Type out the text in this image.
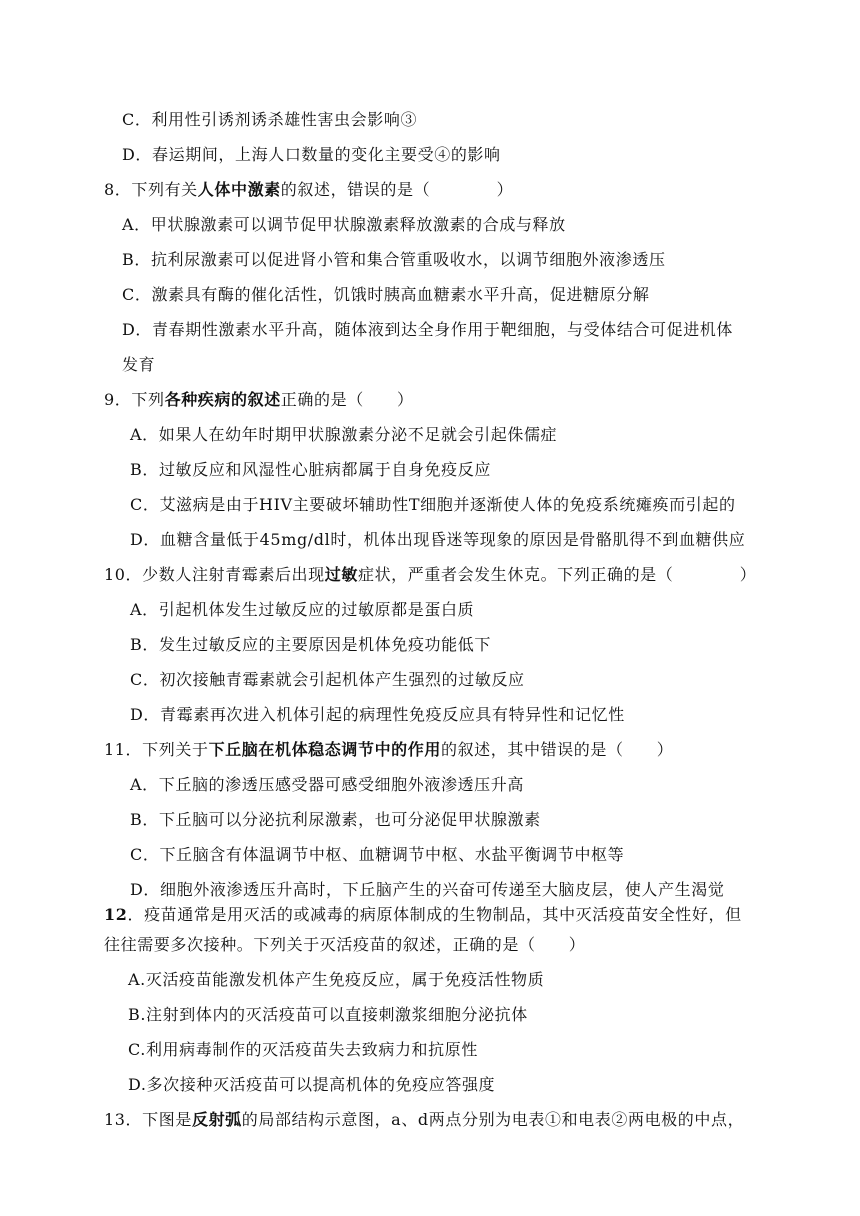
C．利用性引诱剂诱杀雄性害虫会影响③
D．春运期间，上海人口数量的变化主要受④的影响
8．下列有关人体中激素的叙述，错误的是（　　　　）
A．甲状腺激素可以调节促甲状腺激素释放激素的合成与释放
B．抗利尿激素可以促进肾小管和集合管重吸收水，以调节细胞外液渗透压
C．激素具有酶的催化活性，饥饿时胰高血糖素水平升高，促进糖原分解
D．青春期性激素水平升高，随体液到达全身作用于靶细胞，与受体结合可促进机体
发育
9．下列各种疾病的叙述正确的是（　　）
A．如果人在幼年时期甲状腺激素分泌不足就会引起侏儒症
B．过敏反应和风湿性心脏病都属于自身免疫反应
C．艾滋病是由于HIV主要破坏辅助性T细胞并逐渐使人体的免疫系统瘫痪而引起的
D．血糖含量低于45mg/dl时，机体出现昏迷等现象的原因是骨骼肌得不到血糖供应
10．少数人注射青霉素后出现过敏症状，严重者会发生休克。下列正确的是（　　　　）
A．引起机体发生过敏反应的过敏原都是蛋白质
B．发生过敏反应的主要原因是机体免疫功能低下
C．初次接触青霉素就会引起机体产生强烈的过敏反应
D．青霉素再次进入机体引起的病理性免疫反应具有特异性和记忆性
11．下列关于下丘脑在机体稳态调节中的作用的叙述，其中错误的是（　　）
A．下丘脑的渗透压感受器可感受细胞外液渗透压升高
B．下丘脑可以分泌抗利尿激素，也可分泌促甲状腺激素
C．下丘脑含有体温调节中枢、血糖调节中枢、水盐平衡调节中枢等
D．细胞外液渗透压升高时，下丘脑产生的兴奋可传递至大脑皮层，使人产生渴觉
12．疫苗通常是用灭活的或减毒的病原体制成的生物制品，其中灭活疫苗安全性好，但
往往需要多次接种。下列关于灭活疫苗的叙述，正确的是（　　）
A.灭活疫苗能激发机体产生免疫反应，属于免疫活性物质
B.注射到体内的灭活疫苗可以直接刺激浆细胞分泌抗体
C.利用病毒制作的灭活疫苗失去致病力和抗原性
D.多次接种灭活疫苗可以提高机体的免疫应答强度
13．下图是反射弧的局部结构示意图，a、d两点分别为电表①和电表②两电极的中点，
